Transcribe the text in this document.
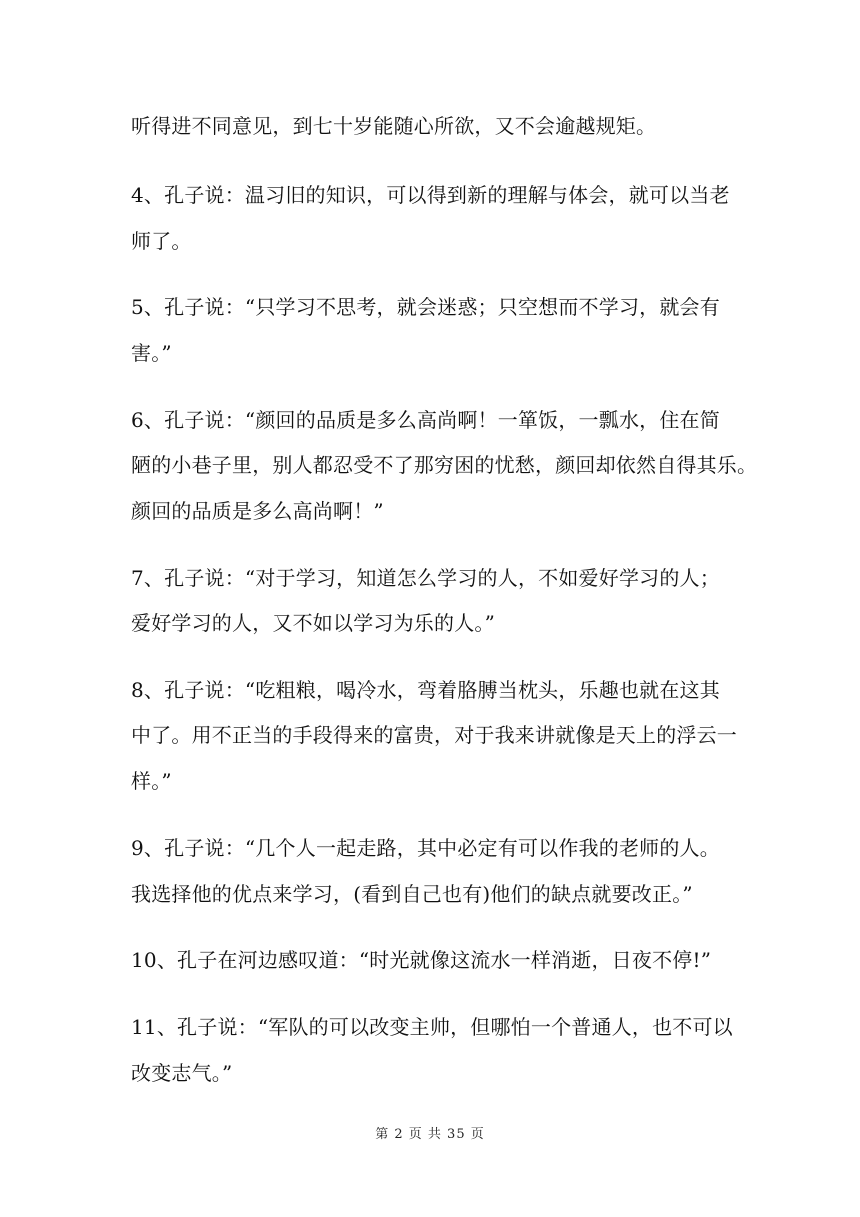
听得进不同意见，到七十岁能随心所欲，又不会逾越规矩。
4、孔子说：温习旧的知识，可以得到新的理解与体会，就可以当老
师了。
5、孔子说：“只学习不思考，就会迷惑；只空想而不学习，就会有
害。”
6、孔子说：“颜回的品质是多么高尚啊！一箪饭，一瓢水，住在简
陋的小巷子里，别人都忍受不了那穷困的忧愁，颜回却依然自得其乐。
颜回的品质是多么高尚啊！”
7、孔子说：“对于学习，知道怎么学习的人，不如爱好学习的人；
爱好学习的人，又不如以学习为乐的人。”
8、孔子说：“吃粗粮，喝冷水，弯着胳膊当枕头，乐趣也就在这其
中了。用不正当的手段得来的富贵，对于我来讲就像是天上的浮云一
样。”
9、孔子说：“几个人一起走路，其中必定有可以作我的老师的人。
我选择他的优点来学习，(看到自己也有)他们的缺点就要改正。”
10、孔子在河边感叹道：“时光就像这流水一样消逝，日夜不停!”
11、孔子说：“军队的可以改变主帅，但哪怕一个普通人，也不可以
改变志气。”
第 2 页 共 35 页
